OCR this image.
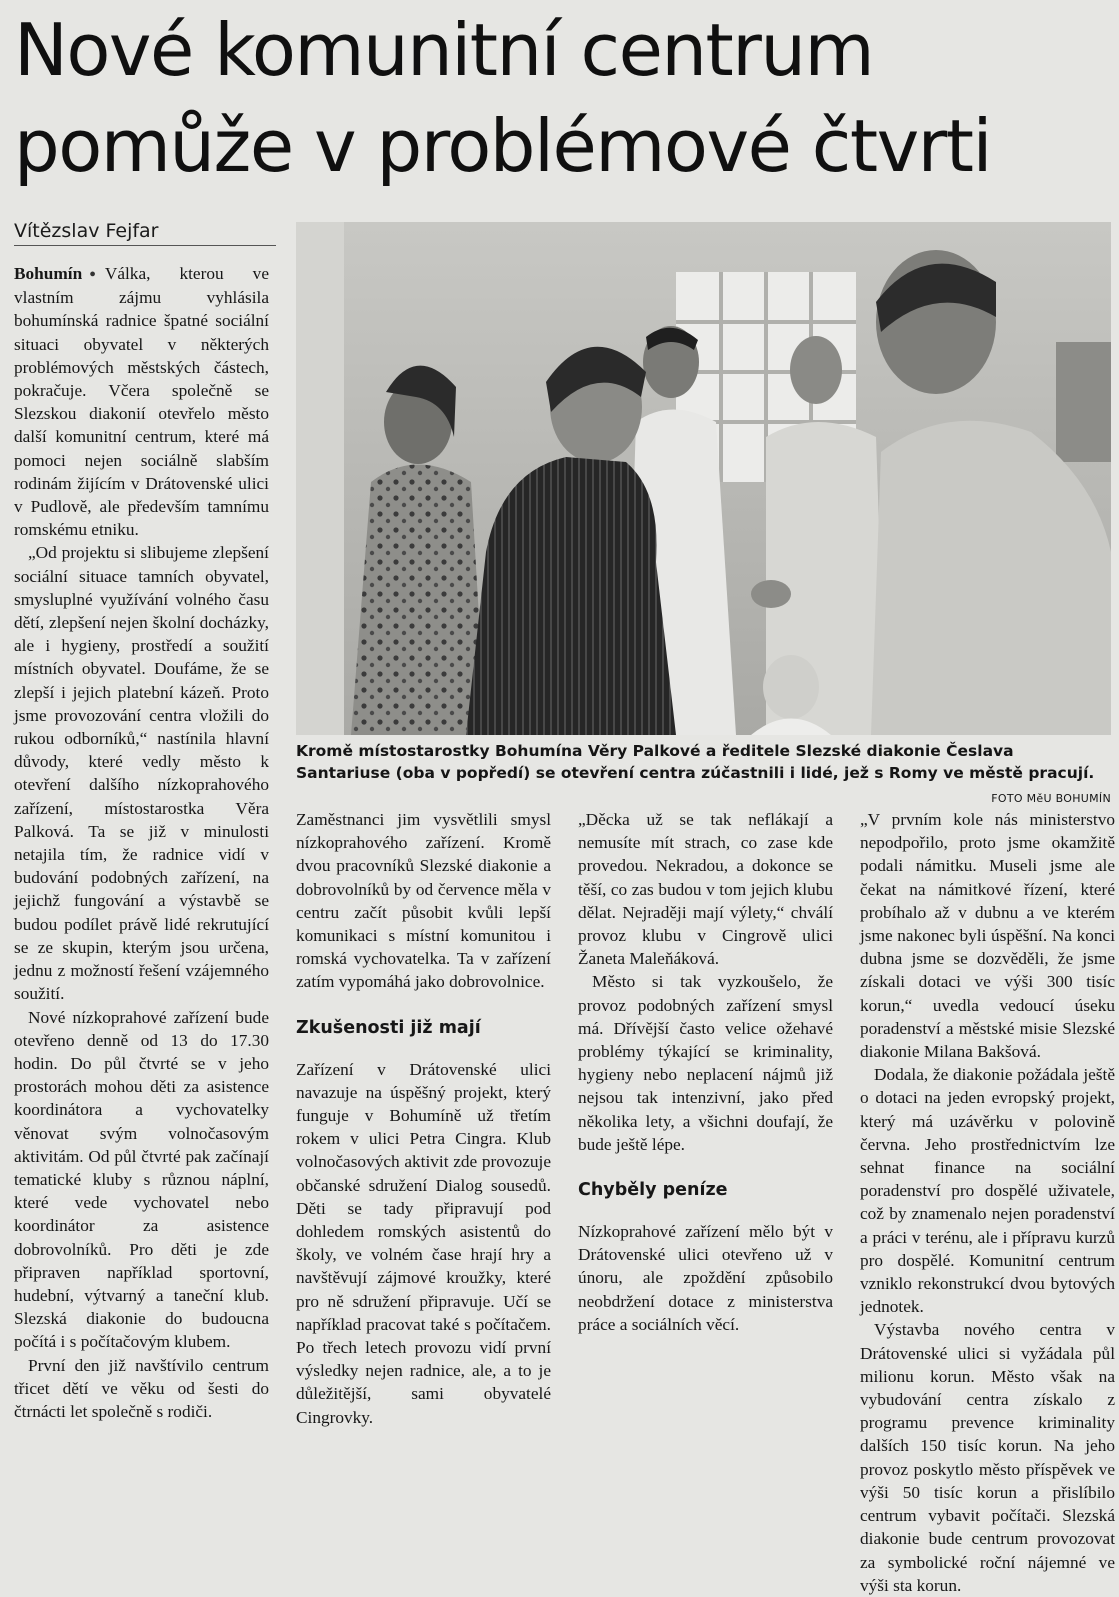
Nové komunitní centrum
pomůže v problémové čtvrti
Vítězslav Fejfar
Kromě místostarostky Bohumína Věry Palkové a ředitele Slezské diakonie Česlava Santariuse (oba v popředí) se otevření centra zúčastnili i lidé, jež s Romy ve městě pracují.
FOTO MěU BOHUMÍN

Bohumín ● Válka, kterou ve vlastním zájmu vyhlásila bohumínská radnice špatné sociální situaci obyvatel v některých problémových městských částech, pokračuje. Včera společně se Slezskou diakonií otevřelo město další komunitní centrum, které má pomoci nejen sociálně slabším rodinám žijícím v Drátovenské ulici v Pudlově, ale především tamnímu romskému etniku.

„Od projektu si slibujeme zlepšení sociální situace tamních obyvatel, smysluplné využívání volného času dětí, zlepšení nejen školní docházky, ale i hygieny, prostředí a soužití místních obyvatel. Doufáme, že se zlepší i jejich platební kázeň. Proto jsme provozování centra vložili do rukou odborníků,“ nastínila hlavní důvody, které vedly město k otevření dalšího nízkoprahového zařízení, místostarostka Věra Palková. Ta se již v minulosti netajila tím, že radnice vidí v budování podobných zařízení, na jejichž fungování a výstavbě se budou podílet právě lidé rekrutující se ze skupin, kterým jsou určena, jednu z možností řešení vzájemného soužití.

Nové nízkoprahové zařízení bude otevřeno denně od 13 do 17.30 hodin. Do půl čtvrté se v jeho prostorách mohou děti za asistence koordinátora a vychovatelky věnovat svým volnočasovým aktivitám. Od půl čtvrté pak začínají tematické kluby s různou náplní, které vede vychovatel nebo koordinátor za asistence dobrovolníků. Pro děti je zde připraven například sportovní, hudební, výtvarný a taneční klub. Slezská diakonie do budoucna počítá i s počítačovým klubem.

První den již navštívilo centrum třicet dětí ve věku od šesti do čtrnácti let společně s rodiči.

Zaměstnanci jim vysvětlili smysl nízkoprahového zařízení. Kromě dvou pracovníků Slezské diakonie a dobrovolníků by od července měla v centru začít působit kvůli lepší komunikaci s místní komunitou i romská vychovatelka. Ta v zařízení zatím vypomáhá jako dobrovolnice.

Zkušenosti již mají

Zařízení v Drátovenské ulici navazuje na úspěšný projekt, který funguje v Bohumíně už třetím rokem v ulici Petra Cingra. Klub volnočasových aktivit zde provozuje občanské sdružení Dialog sousedů. Děti se tady připravují pod dohledem romských asistentů do školy, ve volném čase hrají hry a navštěvují zájmové kroužky, které pro ně sdružení připravuje. Učí se například pracovat také s počítačem. Po třech letech provozu vidí první výsledky nejen radnice, ale, a to je důležitější, sami obyvatelé Cingrovky.

„Děcka už se tak neflákají a nemusíte mít strach, co zase kde provedou. Nekradou, a dokonce se těší, co zas budou v tom jejich klubu dělat. Nejraději mají výlety,“ chválí provoz klubu v Cingrově ulici Žaneta Maleňáková.

Město si tak vyzkoušelo, že provoz podobných zařízení smysl má. Dřívější často velice ožehavé problémy týkající se kriminality, hygieny nebo neplacení nájmů již nejsou tak intenzivní, jako před několika lety, a všichni doufají, že bude ještě lépe.

Chyběly peníze

Nízkoprahové zařízení mělo být v Drátovenské ulici otevřeno už v únoru, ale zpoždění způsobilo neobdržení dotace z ministerstva práce a sociálních věcí.

„V prvním kole nás ministerstvo nepodpořilo, proto jsme okamžitě podali námitku. Museli jsme ale čekat na námitkové řízení, které probíhalo až v dubnu a ve kterém jsme nakonec byli úspěšní. Na konci dubna jsme se dozvěděli, že jsme získali dotaci ve výši 300 tisíc korun,“ uvedla vedoucí úseku poradenství a městské misie Slezské diakonie Milana Bakšová.

Dodala, že diakonie požádala ještě o dotaci na jeden evropský projekt, který má uzávěrku v polovině června. Jeho prostřednictvím lze sehnat finance na sociální poradenství pro dospělé uživatele, což by znamenalo nejen poradenství a práci v terénu, ale i přípravu kurzů pro dospělé. Komunitní centrum vzniklo rekonstrukcí dvou bytových jednotek.

Výstavba nového centra v Drátovenské ulici si vyžádala půl milionu korun. Město však na vybudování centra získalo z programu prevence kriminality dalších 150 tisíc korun. Na jeho provoz poskytlo město příspěvek ve výši 50 tisíc korun a přislíbilo centrum vybavit počítači. Slezská diakonie bude centrum provozovat za symbolické roční nájemné ve výši sta korun.
